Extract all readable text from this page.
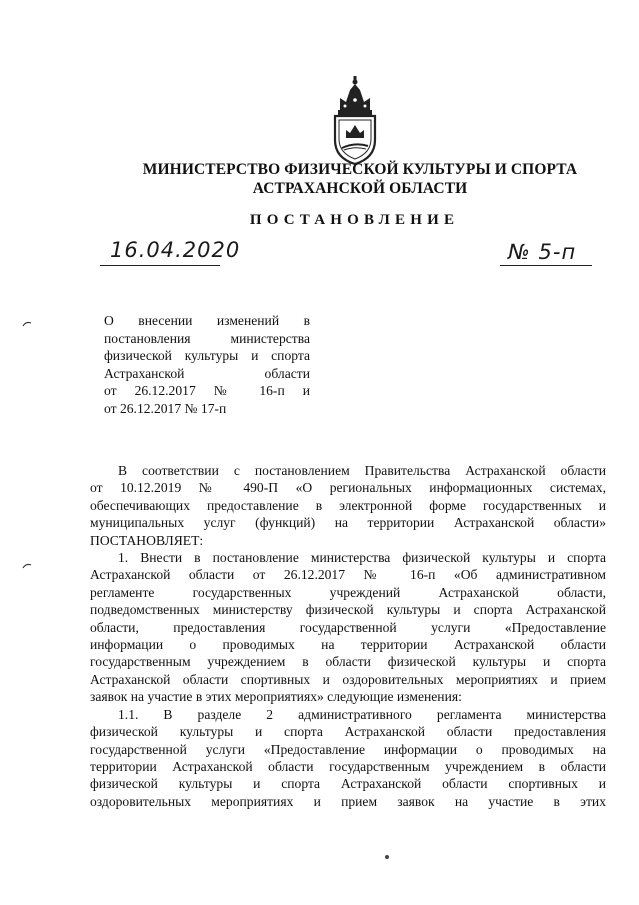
МИНИСТЕРСТВО ФИЗИЧЕСКОЙ КУЛЬТУРЫ И СПОРТА
АСТРАХАНСКОЙ ОБЛАСТИ
ПОСТАНОВЛЕНИЕ
16.04.2020	№ 5-п
О внесении изменений в
постановления министерства
физической культуры и спорта
Астраханской области
от 26.12.2017 № 16-п и
от 26.12.2017 № 17-п
В соответствии с постановлением Правительства Астраханской области
от 10.12.2019 № 490-П «О региональных информационных системах,
обеспечивающих предоставление в электронной форме государственных и
муниципальных услуг (функций) на территории Астраханской области»
ПОСТАНОВЛЯЕТ:
1. Внести в постановление министерства физической культуры и спорта
Астраханской области от 26.12.2017 № 16-п «Об административном
регламенте государственных учреждений Астраханской области,
подведомственных министерству физической культуры и спорта Астраханской
области, предоставления государственной услуги «Предоставление
информации о проводимых на территории Астраханской области
государственным учреждением в области физической культуры и спорта
Астраханской области спортивных и оздоровительных мероприятиях и прием
заявок на участие в этих мероприятиях» следующие изменения:
1.1. В разделе 2 административного регламента министерства
физической культуры и спорта Астраханской области предоставления
государственной услуги «Предоставление информации о проводимых на
территории Астраханской области государственным учреждением в области
физической культуры и спорта Астраханской области спортивных и
оздоровительных мероприятиях и прием заявок на участие в этих
